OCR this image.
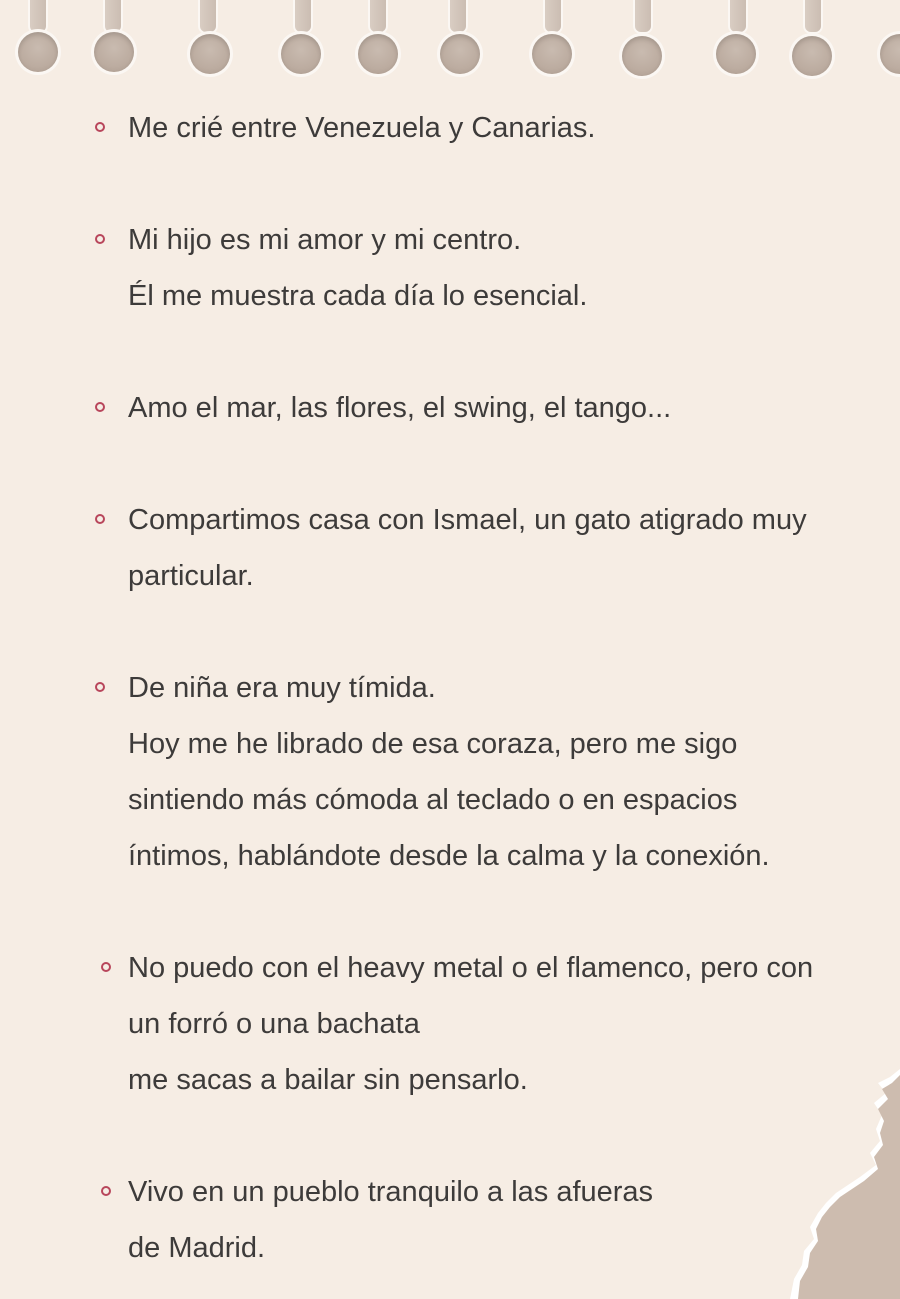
Me crié entre Venezuela y Canarias.
Mi hijo es mi amor y mi centro.
Él me muestra cada día lo esencial.
Amo el mar, las flores, el swing, el tango...
Compartimos casa con Ismael, un gato atigrado muy
particular.
De niña era muy tímida.
Hoy me he librado de esa coraza, pero me sigo
sintiendo más cómoda al teclado o en espacios
íntimos, hablándote desde la calma y la conexión.
No puedo con el heavy metal o el flamenco, pero con
un forró o una bachata
me sacas a bailar sin pensarlo.
Vivo en un pueblo tranquilo a las afueras
de Madrid.
